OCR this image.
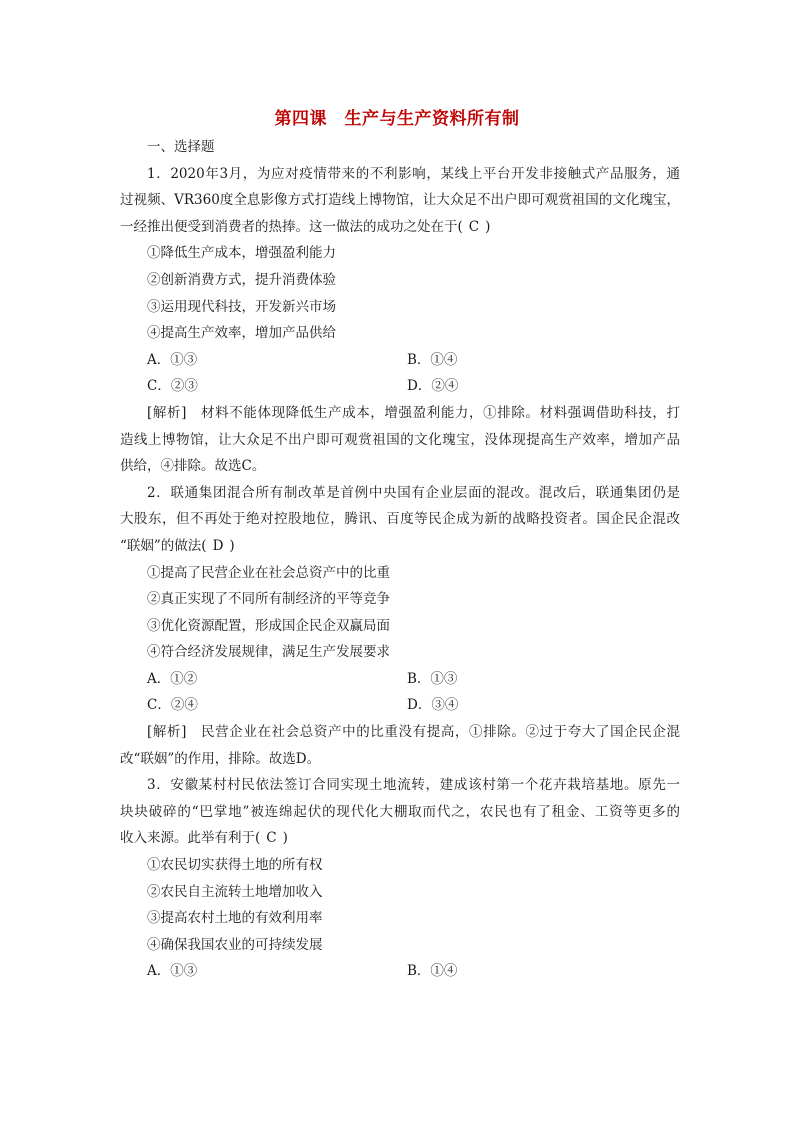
第四课　生产与生产资料所有制
一、选择题
1．2020年3月，为应对疫情带来的不利影响，某线上平台开发非接触式产品服务，通
过视频、VR360度全息影像方式打造线上博物馆，让大众足不出户即可观赏祖国的文化瑰宝，
一经推出便受到消费者的热捧。这一做法的成功之处在于( C )
①降低生产成本，增强盈利能力
②创新消费方式，提升消费体验
③运用现代科技，开发新兴市场
④提高生产效率，增加产品供给
A．①③	B．①④
C．②③	D．②④
[解析]　材料不能体现降低生产成本，增强盈利能力，①排除。材料强调借助科技，打
造线上博物馆，让大众足不出户即可观赏祖国的文化瑰宝，没体现提高生产效率，增加产品
供给，④排除。故选C。
2．联通集团混合所有制改革是首例中央国有企业层面的混改。混改后，联通集团仍是
大股东，但不再处于绝对控股地位，腾讯、百度等民企成为新的战略投资者。国企民企混改
“联姻”的做法( D )
①提高了民营企业在社会总资产中的比重
②真正实现了不同所有制经济的平等竞争
③优化资源配置，形成国企民企双赢局面
④符合经济发展规律，满足生产发展要求
A．①②	B．①③
C．②④	D．③④
[解析]　民营企业在社会总资产中的比重没有提高，①排除。②过于夸大了国企民企混
改“联姻”的作用，排除。故选D。
3．安徽某村村民依法签订合同实现土地流转，建成该村第一个花卉栽培基地。原先一
块块破碎的“巴掌地”被连绵起伏的现代化大棚取而代之，农民也有了租金、工资等更多的
收入来源。此举有利于( C )
①农民切实获得土地的所有权
②农民自主流转土地增加收入
③提高农村土地的有效利用率
④确保我国农业的可持续发展
A．①③	B．①④
